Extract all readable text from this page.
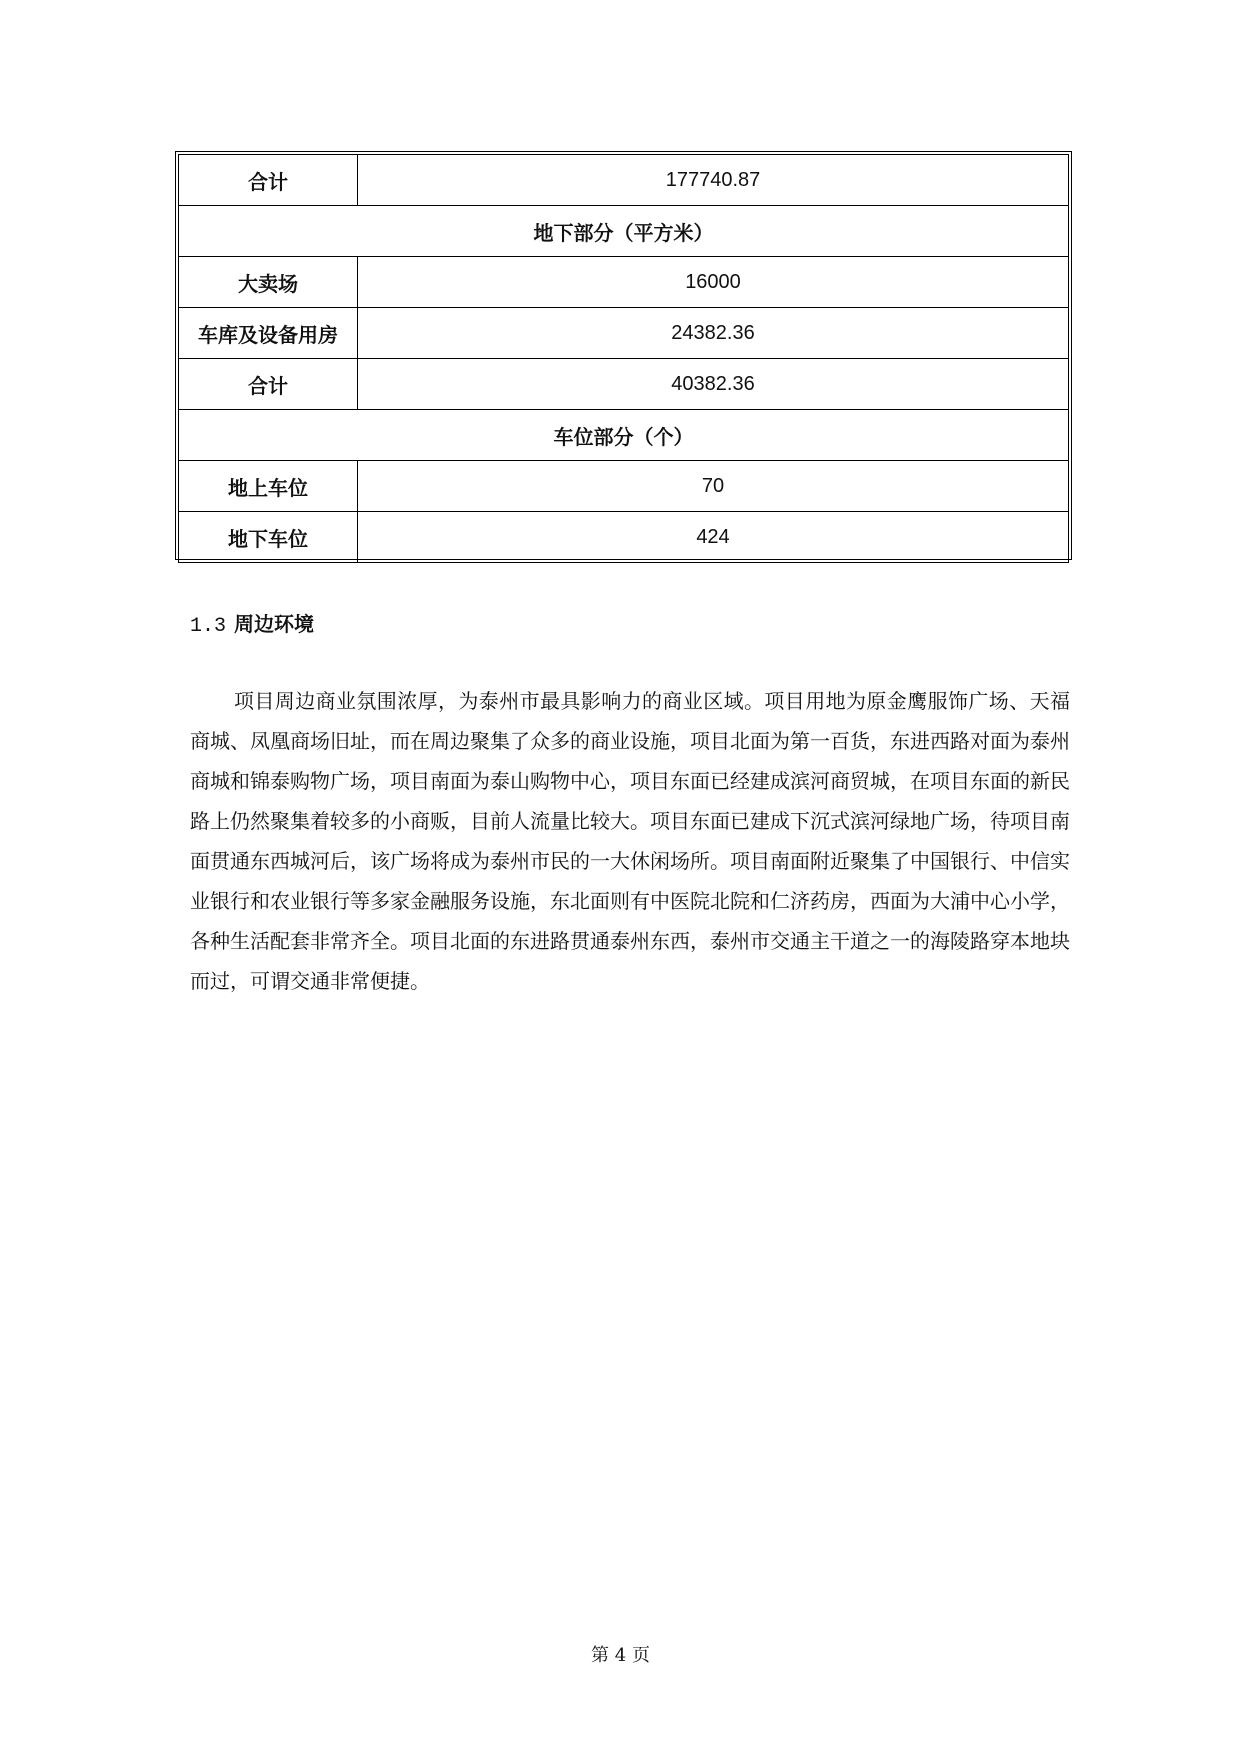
合计	177740.87
地下部分（平方米）	
大卖场	16000
车库及设备用房	24382.36
合计	40382.36
车位部分（个）	
地上车位	70
地下车位	424
1.3 周边环境

项目周边商业氛围浓厚，为泰州市最具影响力的商业区域。项目用地为原金鹰服饰广场、天福商城、凤凰商场旧址，而在周边聚集了众多的商业设施，项目北面为第一百货，东进西路对面为泰州商城和锦泰购物广场，项目南面为泰山购物中心，项目东面已经建成滨河商贸城，在项目东面的新民路上仍然聚集着较多的小商贩，目前人流量比较大。项目东面已建成下沉式滨河绿地广场，待项目南面贯通东西城河后，该广场将成为泰州市民的一大休闲场所。项目南面附近聚集了中国银行、中信实业银行和农业银行等多家金融服务设施，东北面则有中医院北院和仁济药房，西面为大浦中心小学，各种生活配套非常齐全。项目北面的东进路贯通泰州东西，泰州市交通主干道之一的海陵路穿本地块而过，可谓交通非常便捷。

第 4 页
